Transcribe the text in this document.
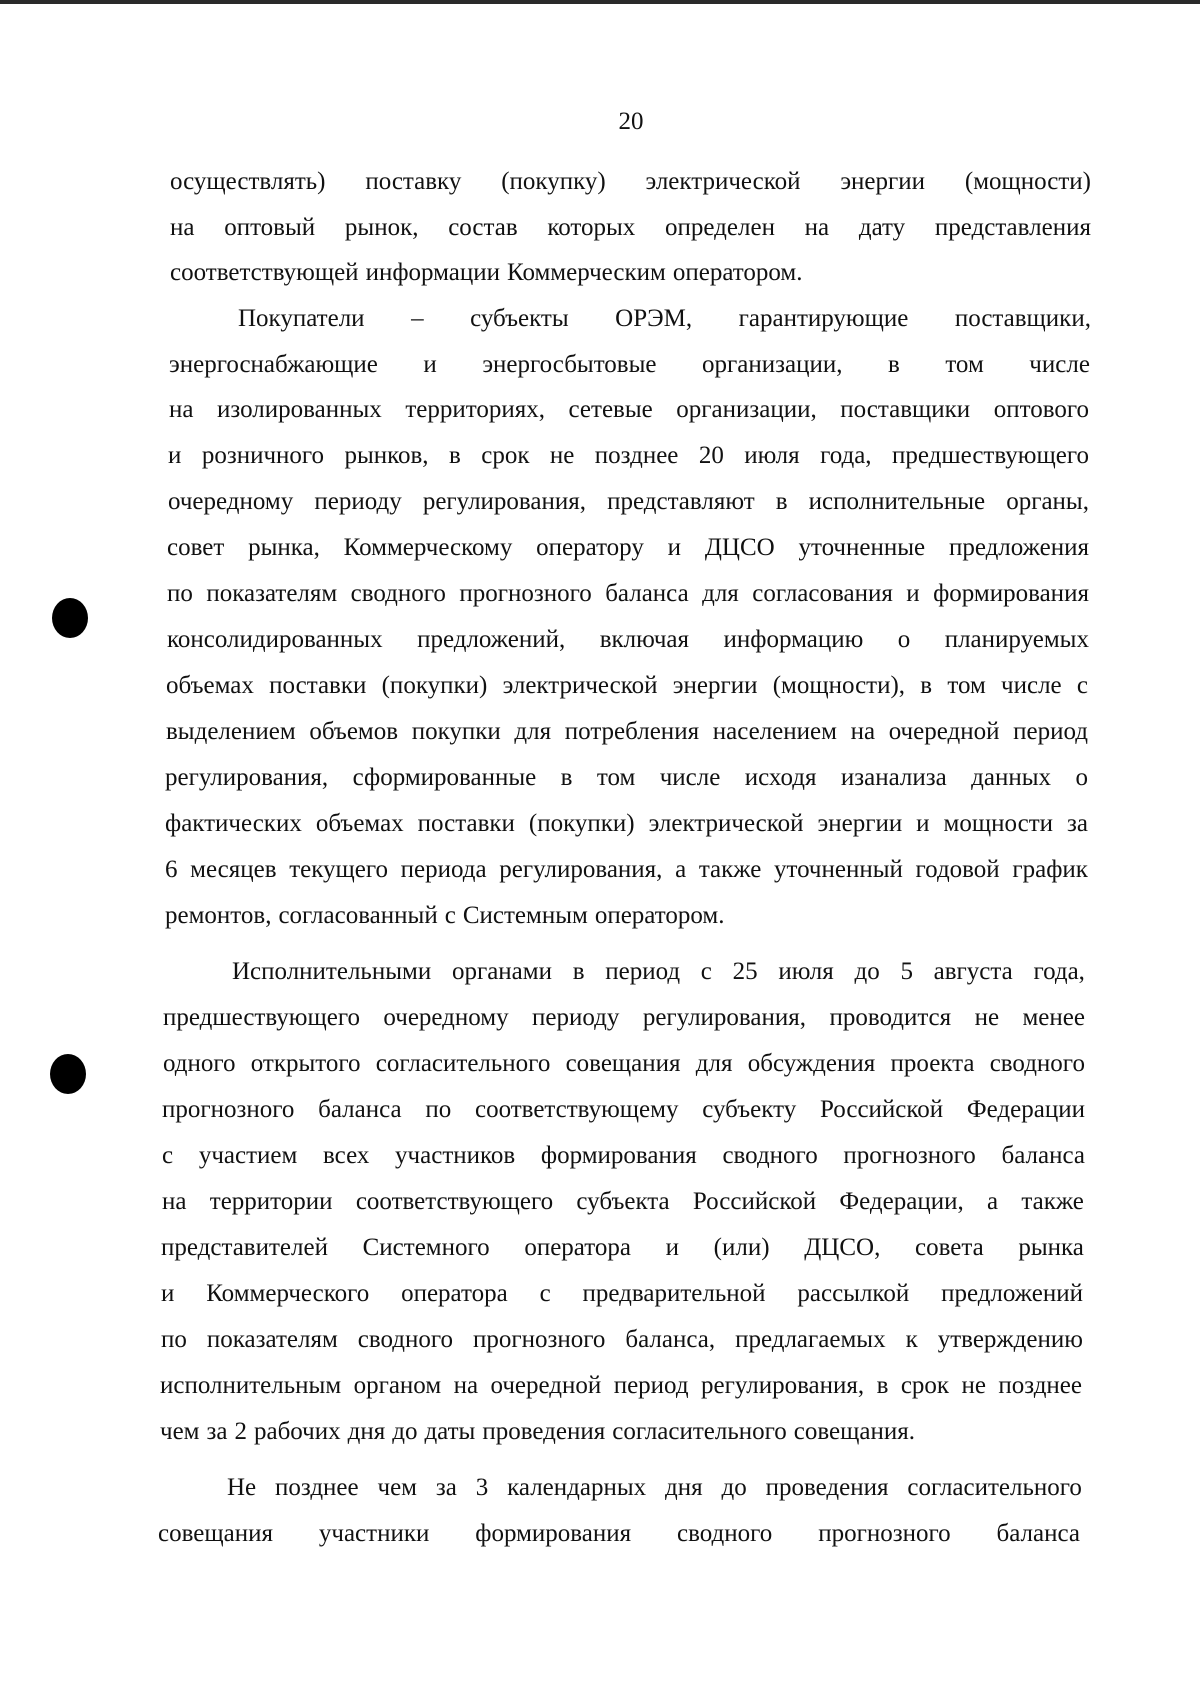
20
осуществлять) поставку (покупку) электрической энергии (мощности)
на оптовый рынок, состав которых определен на дату представления
соответствующей информации Коммерческим оператором.
Покупатели – субъекты ОРЭМ, гарантирующие поставщики,
энергоснабжающие и энергосбытовые организации, в том числе
на изолированных территориях, сетевые организации, поставщики оптового
и розничного рынков, в срок не позднее 20 июля года, предшествующего
очередному периоду регулирования, представляют в исполнительные органы,
совет рынка, Коммерческому оператору и ДЦСО уточненные предложения
по показателям сводного прогнозного баланса для согласования и формирования
консолидированных предложений, включая информацию о планируемых
объемах поставки (покупки) электрической энергии (мощности), в том числе с
выделением объемов покупки для потребления населением на очередной период
регулирования, сформированные в том числе исходя изанализа данных о
фактических объемах поставки (покупки) электрической энергии и мощности за
6 месяцев текущего периода регулирования, а также уточненный годовой график
ремонтов, согласованный с Системным оператором.
Исполнительными органами в период с 25 июля до 5 августа года,
предшествующего очередному периоду регулирования, проводится не менее
одного открытого согласительного совещания для обсуждения проекта сводного
прогнозного баланса по соответствующему субъекту Российской Федерации
с участием всех участников формирования сводного прогнозного баланса
на территории соответствующего субъекта Российской Федерации, а также
представителей Системного оператора и (или) ДЦСО, совета рынка
и Коммерческого оператора с предварительной рассылкой предложений
по показателям сводного прогнозного баланса, предлагаемых к утверждению
исполнительным органом на очередной период регулирования, в срок не позднее
чем за 2 рабочих дня до даты проведения согласительного совещания.
Не позднее чем за 3 календарных дня до проведения согласительного
совещания участники формирования сводного прогнозного баланса
